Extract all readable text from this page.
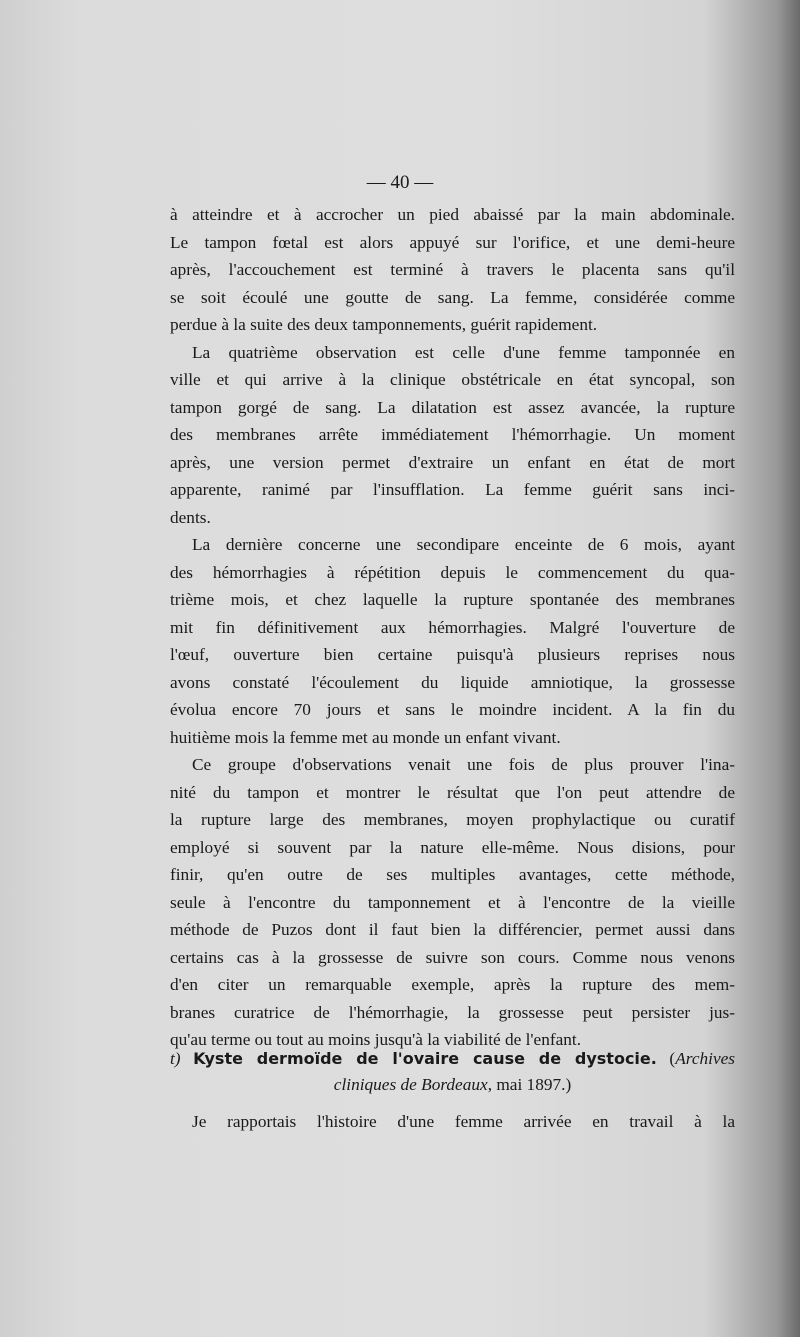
— 40 —
à atteindre et à accrocher un pied abaissé par la main abdominale.
Le tampon fœtal est alors appuyé sur l'orifice, et une demi-heure
après, l'accouchement est terminé à travers le placenta sans qu'il
se soit écoulé une goutte de sang. La femme, considérée comme
perdue à la suite des deux tamponnements, guérit rapidement.
La quatrième observation est celle d'une femme tamponnée en
ville et qui arrive à la clinique obstétricale en état syncopal, son
tampon gorgé de sang. La dilatation est assez avancée, la rupture
des membranes arrête immédiatement l'hémorrhagie. Un moment
après, une version permet d'extraire un enfant en état de mort
apparente, ranimé par l'insufflation. La femme guérit sans inci-
dents.
La dernière concerne une secondipare enceinte de 6 mois, ayant
des hémorrhagies à répétition depuis le commencement du qua-
trième mois, et chez laquelle la rupture spontanée des membranes
mit fin définitivement aux hémorrhagies. Malgré l'ouverture de
l'œuf, ouverture bien certaine puisqu'à plusieurs reprises nous
avons constaté l'écoulement du liquide amniotique, la grossesse
évolua encore 70 jours et sans le moindre incident. A la fin du
huitième mois la femme met au monde un enfant vivant.
Ce groupe d'observations venait une fois de plus prouver l'ina-
nité du tampon et montrer le résultat que l'on peut attendre de
la rupture large des membranes, moyen prophylactique ou curatif
employé si souvent par la nature elle-même. Nous disions, pour
finir, qu'en outre de ses multiples avantages, cette méthode,
seule à l'encontre du tamponnement et à l'encontre de la vieille
méthode de Puzos dont il faut bien la différencier, permet aussi dans
certains cas à la grossesse de suivre son cours. Comme nous venons
d'en citer un remarquable exemple, après la rupture des mem-
branes curatrice de l'hémorrhagie, la grossesse peut persister jus-
qu'au terme ou tout au moins jusqu'à la viabilité de l'enfant.
t) Kyste dermoïde de l'ovaire cause de dystocie. (Archives
cliniques de Bordeaux, mai 1897.)
Je rapportais l'histoire d'une femme arrivée en travail à la
